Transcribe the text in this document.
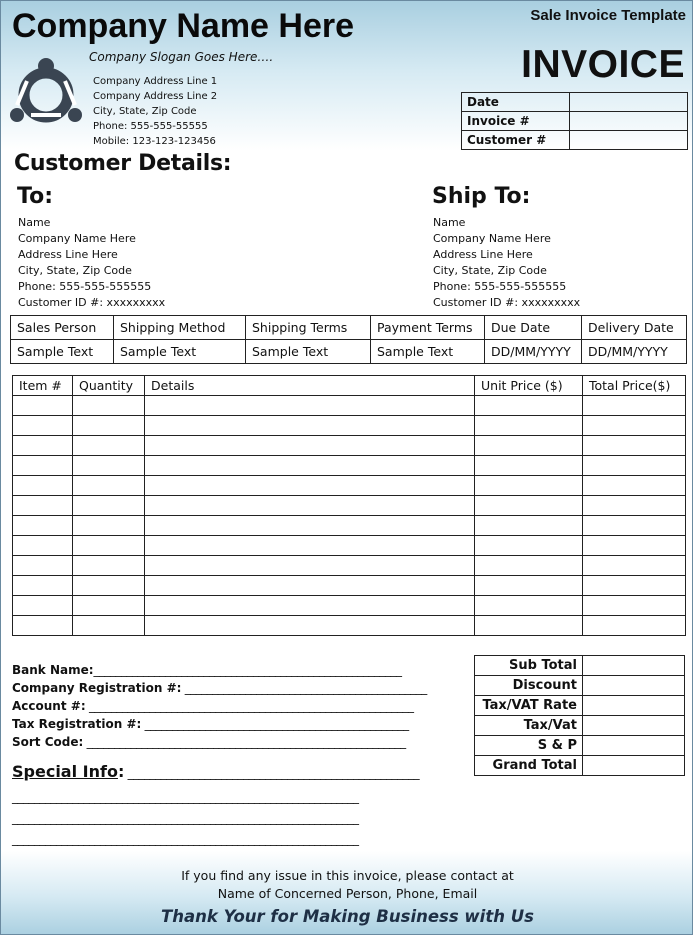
Company Name Here	Sale Invoice Template
INVOICE
Company Slogan Goes Here….
Company Address Line 1
Company Address Line 2
City, State, Zip Code
Phone: 555-555-55555
Mobile: 123-123-123456
Date	
Invoice #	
Customer #	
Customer Details:
To:	Ship To:
Name
Company Name Here
Address Line Here
City, State, Zip Code
Phone: 555-555-555555
Customer ID #: xxxxxxxxx
Name
Company Name Here
Address Line Here
City, State, Zip Code
Phone: 555-555-555555
Customer ID #: xxxxxxxxx
Sales Person	Shipping Method	Shipping Terms	Payment Terms	Due Date	Delivery Date
Sample Text	Sample Text	Sample Text	Sample Text	DD/MM/YYYY	DD/MM/YYYY
Item #	Quantity	Details	Unit Price ($)	Total Price($)

Bank Name:________________________________________________________
Company Registration #: ____________________________________________
Account #: ___________________________________________________________
Tax Registration #: ________________________________________________
Sort Code: __________________________________________________________
Special Info: _____________________________________________________
_______________________________________________________________
_______________________________________________________________
_______________________________________________________________
Sub Total	
Discount	
Tax/VAT Rate	
Tax/Vat	
S & P	
Grand Total	
If you find any issue in this invoice, please contact at
Name of Concerned Person, Phone, Email
Thank Your for Making Business with Us
